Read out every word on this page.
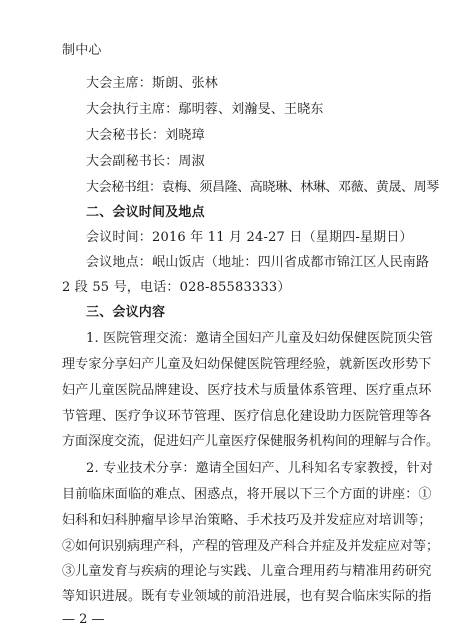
制中心
大会主席：斯朗、张林
大会执行主席：鄢明蓉、刘瀚旻、王晓东
大会秘书长：刘晓璋
大会副秘书长：周淑
大会秘书组：袁梅、须昌隆、高晓琳、林琳、邓薇、黄晟、周琴
二、会议时间及地点
会议时间：2016 年 11 月 24-27 日（星期四-星期日）
会议地点：岷山饭店（地址：四川省成都市锦江区人民南路
2 段 55 号，电话：028-85583333）
三、会议内容
1. 医院管理交流：邀请全国妇产儿童及妇幼保健医院顶尖管
理专家分享妇产儿童及妇幼保健医院管理经验，就新医改形势下
妇产儿童医院品牌建设、医疗技术与质量体系管理、医疗重点环
节管理、医疗争议环节管理、医疗信息化建设助力医院管理等各
方面深度交流，促进妇产儿童医疗保健服务机构间的理解与合作。
2. 专业技术分享：邀请全国妇产、儿科知名专家教授，针对
目前临床面临的难点、困惑点，将开展以下三个方面的讲座：①
妇科和妇科肿瘤早诊早治策略、手术技巧及并发症应对培训等；
②如何识别病理产科，产程的管理及产科合并症及并发症应对等；
③儿童发育与疾病的理论与实践、儿童合理用药与精准用药研究
等知识进展。既有专业领域的前沿进展，也有契合临床实际的指
— 2 —
